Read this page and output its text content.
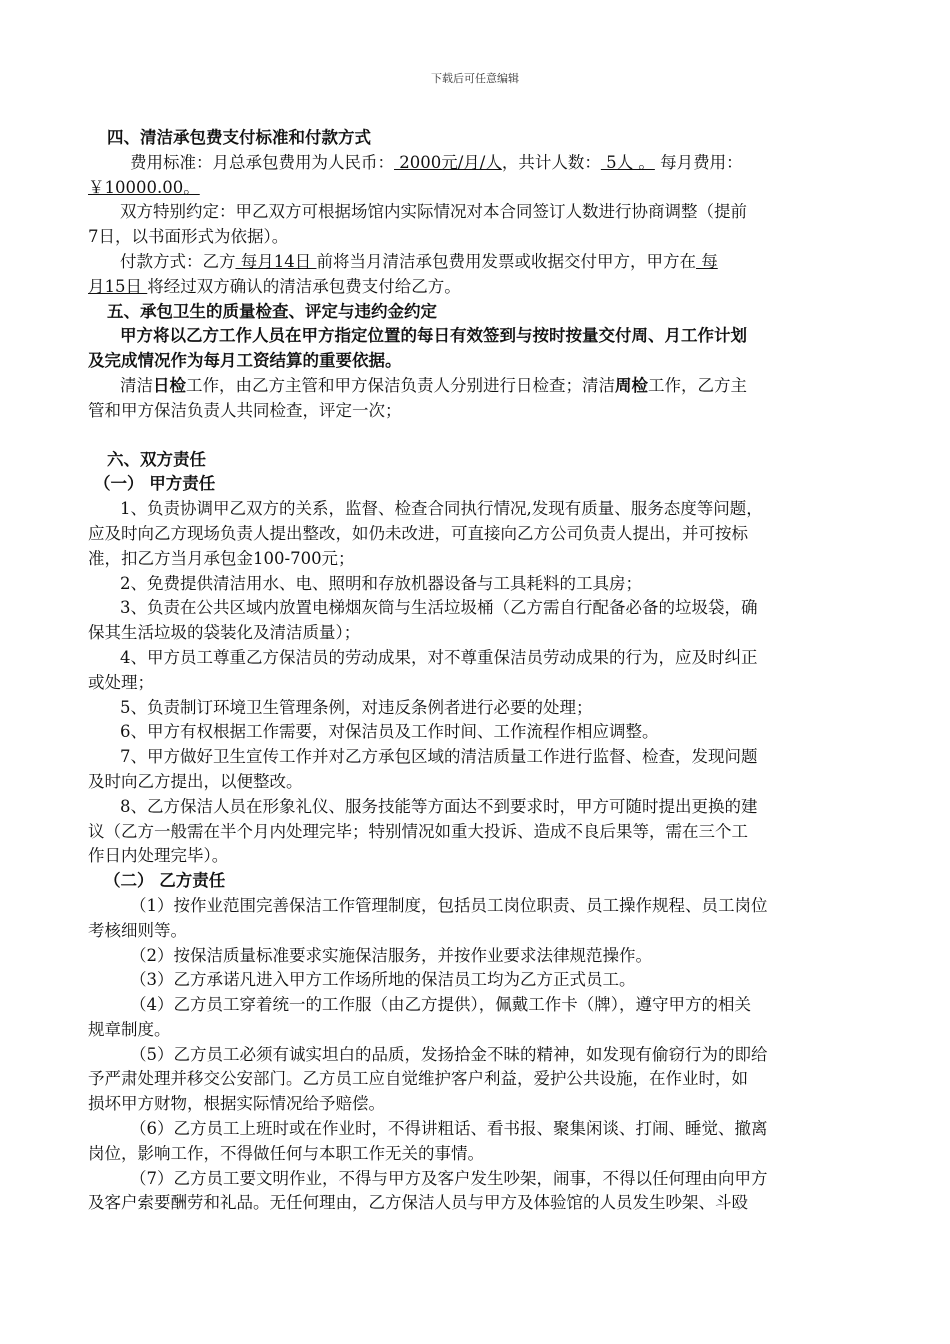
下载后可任意编辑

四、清洁承包费支付标准和付款方式

费用标准：月总承包费用为人民币： 2000元/月/人，共计人数： 5人 。 每月费用：

￥10000.00。

双方特别约定：甲乙双方可根据场馆内实际情况对本合同签订人数进行协商调整（提前

7日，以书面形式为依据）。

付款方式：乙方 每月14日 前将当月清洁承包费用发票或收据交付甲方，甲方在 每

月15日 将经过双方确认的清洁承包费支付给乙方。

五、承包卫生的质量检查、评定与违约金约定

甲方将以乙方工作人员在甲方指定位置的每日有效签到与按时按量交付周、月工作计划

及完成情况作为每月工资结算的重要依据。

清洁日检工作，由乙方主管和甲方保洁负责人分别进行日检查；清洁周检工作，乙方主

管和甲方保洁负责人共同检查，评定一次；

六、双方责任

（一） 甲方责任

1、负责协调甲乙双方的关系，监督、检查合同执行情况,发现有质量、服务态度等问题，

应及时向乙方现场负责人提出整改，如仍未改进，可直接向乙方公司负责人提出，并可按标

准，扣乙方当月承包金100-700元；

2、免费提供清洁用水、电、照明和存放机器设备与工具耗料的工具房；

3、负责在公共区域内放置电梯烟灰筒与生活垃圾桶（乙方需自行配备必备的垃圾袋，确

保其生活垃圾的袋装化及清洁质量）；

4、甲方员工尊重乙方保洁员的劳动成果，对不尊重保洁员劳动成果的行为，应及时纠正

或处理；

5、负责制订环境卫生管理条例，对违反条例者进行必要的处理；

6、甲方有权根据工作需要，对保洁员及工作时间、工作流程作相应调整。

7、甲方做好卫生宣传工作并对乙方承包区域的清洁质量工作进行监督、检查，发现问题

及时向乙方提出，以便整改。

8、乙方保洁人员在形象礼仪、服务技能等方面达不到要求时，甲方可随时提出更换的建

议（乙方一般需在半个月内处理完毕；特别情况如重大投诉、造成不良后果等，需在三个工

作日内处理完毕）。

（二） 乙方责任

（1）按作业范围完善保洁工作管理制度，包括员工岗位职责、员工操作规程、员工岗位

考核细则等。

（2）按保洁质量标准要求实施保洁服务，并按作业要求法律规范操作。

（3）乙方承诺凡进入甲方工作场所地的保洁员工均为乙方正式员工。

（4）乙方员工穿着统一的工作服（由乙方提供），佩戴工作卡（牌），遵守甲方的相关

规章制度。

（5）乙方员工必须有诚实坦白的品质，发扬拾金不昧的精神，如发现有偷窃行为的即给

予严肃处理并移交公安部门。乙方员工应自觉维护客户利益，爱护公共设施，在作业时，如

损坏甲方财物，根据实际情况给予赔偿。

（6）乙方员工上班时或在作业时，不得讲粗话、看书报、聚集闲谈、打闹、睡觉、撤离

岗位，影响工作，不得做任何与本职工作无关的事情。

（7）乙方员工要文明作业，不得与甲方及客户发生吵架，闹事，不得以任何理由向甲方

及客户索要酬劳和礼品。无任何理由，乙方保洁人员与甲方及体验馆的人员发生吵架、斗殴
